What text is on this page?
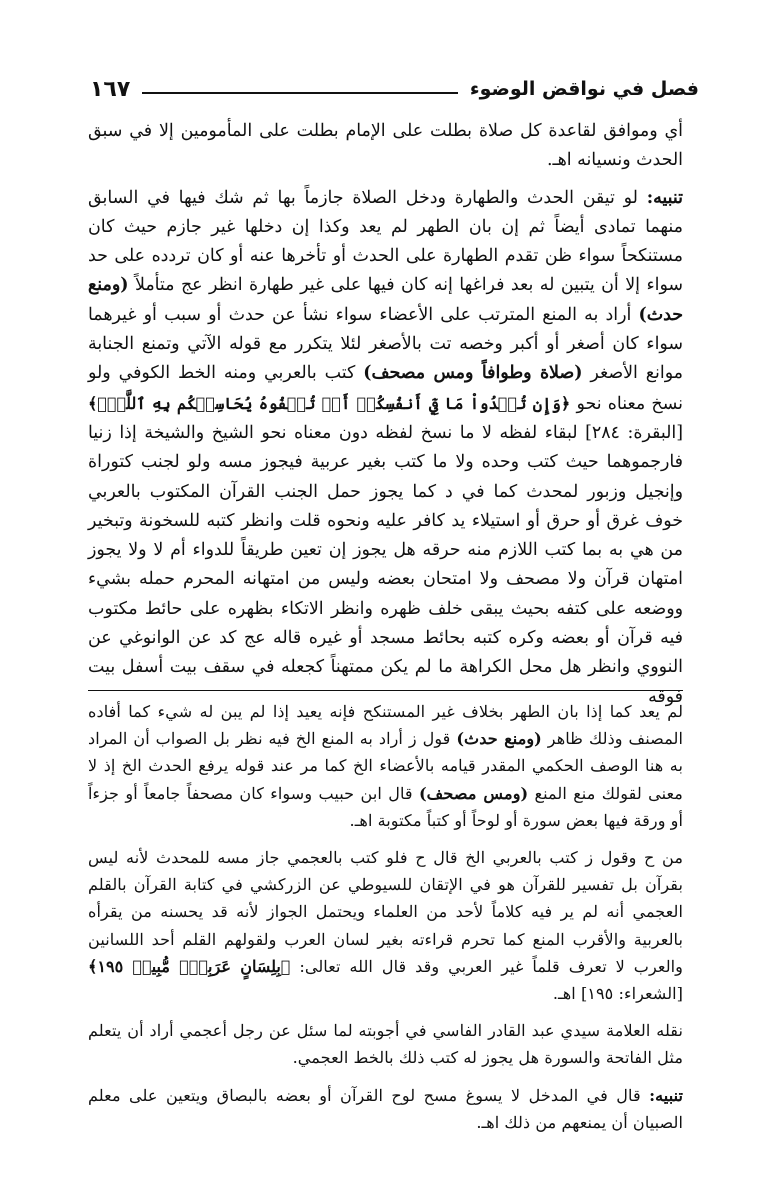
فصل في نواقض الوضوء
١٦٧

أي وموافق لقاعدة كل صلاة بطلت على الإمام بطلت على المأمومين إلا في سبق الحدث ونسيانه اهـ.

تنبيه: لو تيقن الحدث والطهارة ودخل الصلاة جازماً بها ثم شك فيها في السابق منهما تمادى أيضاً ثم إن بان الطهر لم يعد وكذا إن دخلها غير جازم حيث كان مستنكحاً سواء ظن تقدم الطهارة على الحدث أو تأخرها عنه أو كان تردده على حد سواء إلا أن يتبين له بعد فراغها إنه كان فيها على غير طهارة انظر عج متأملاً (ومنع حدث) أراد به المنع المترتب على الأعضاء سواء نشأ عن حدث أو سبب أو غيرهما سواء كان أصغر أو أكبر وخصه تت بالأصغر لئلا يتكرر مع قوله الآتي وتمنع الجنابة موانع الأصغر (صلاة وطوافاً ومس مصحف) كتب بالعربي ومنه الخط الكوفي ولو نسخ معناه نحو ﴿وَإِن تُبۡدُواْ مَا فِيٓ أَنفُسِكُمۡ أَوۡ تُخۡفُوهُ يُحَاسِبۡكُم بِهِ ٱللَّهُۖ﴾ [البقرة: ٢٨٤] لبقاء لفظه لا ما نسخ لفظه دون معناه نحو الشيخ والشيخة إذا زنيا فارجموهما حيث كتب وحده ولا ما كتب بغير عربية فيجوز مسه ولو لجنب كتوراة وإنجيل وزبور لمحدث كما في د كما يجوز حمل الجنب القرآن المكتوب بالعربي خوف غرق أو حرق أو استيلاء يد كافر عليه ونحوه قلت وانظر كتبه للسخونة وتبخير من هي به بما كتب اللازم منه حرقه هل يجوز إن تعين طريقاً للدواء أم لا ولا يجوز امتهان قرآن ولا مصحف ولا امتحان بعضه وليس من امتهانه المحرم حمله بشيء ووضعه على كتفه بحيث يبقى خلف ظهره وانظر الاتكاء بظهره على حائط مكتوب فيه قرآن أو بعضه وكره كتبه بحائط مسجد أو غيره قاله عج كد عن الوانوغي عن النووي وانظر هل محل الكراهة ما لم يكن ممتهناً كجعله في سقف بيت أسفل بيت فوقه

لم يعد كما إذا بان الطهر بخلاف غير المستنكح فإنه يعيد إذا لم يبن له شيء كما أفاده المصنف وذلك ظاهر (ومنع حدث) قول ز أراد به المنع الخ فيه نظر بل الصواب أن المراد به هنا الوصف الحكمي المقدر قيامه بالأعضاء الخ كما مر عند قوله يرفع الحدث الخ إذ لا معنى لقولك منع المنع (ومس مصحف) قال ابن حبيب وسواء كان مصحفاً جامعاً أو جزءاً أو ورقة فيها بعض سورة أو لوحاً أو كتباً مكتوبة اهـ.

من ح وقول ز كتب بالعربي الخ قال ح فلو كتب بالعجمي جاز مسه للمحدث لأنه ليس بقرآن بل تفسير للقرآن هو في الإتقان للسيوطي عن الزركشي في كتابة القرآن بالقلم العجمي أنه لم ير فيه كلاماً لأحد من العلماء ويحتمل الجواز لأنه قد يحسنه من يقرأه بالعربية والأقرب المنع كما تحرم قراءته بغير لسان العرب ولقولهم القلم أحد اللسانين والعرب لا تعرف قلماً غير العربي وقد قال الله تعالى: ﴿بِلِسَانٍ عَرَبِيّٖ مُّبِينٖ ١٩٥﴾ [الشعراء: ١٩٥] اهـ.

نقله العلامة سيدي عبد القادر الفاسي في أجوبته لما سئل عن رجل أعجمي أراد أن يتعلم مثل الفاتحة والسورة هل يجوز له كتب ذلك بالخط العجمي.

تنبيه: قال في المدخل لا يسوغ مسح لوح القرآن أو بعضه بالبصاق ويتعين على معلم الصبيان أن يمنعهم من ذلك اهـ.
